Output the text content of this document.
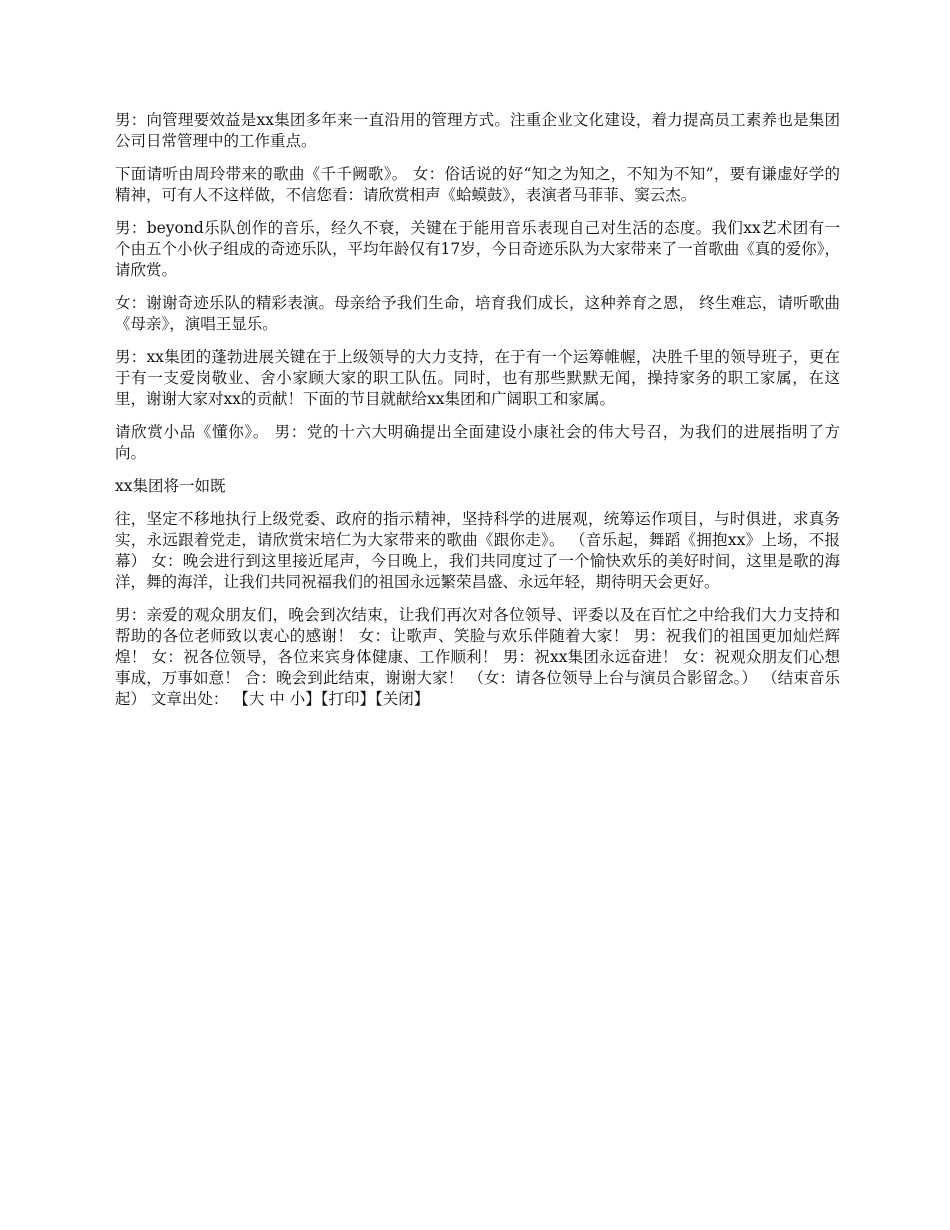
男：向管理要效益是xx集团多年来一直沿用的管理方式。注重企业文化建设，着力提高员工素养也是集团公司日常管理中的工作重点。

下面请听由周玲带来的歌曲《千千阙歌》。 女：俗话说的好“知之为知之，不知为不知”，要有谦虚好学的精神，可有人不这样做，不信您看：请欣赏相声《蛤蟆鼓》，表演者马菲菲、窦云杰。

男：beyond乐队创作的音乐，经久不衰，关键在于能用音乐表现自己对生活的态度。我们xx艺术团有一个由五个小伙子组成的奇迹乐队，平均年龄仅有17岁，今日奇迹乐队为大家带来了一首歌曲《真的爱你》，请欣赏。

女：谢谢奇迹乐队的精彩表演。母亲给予我们生命，培育我们成长，这种养育之恩， 终生难忘，请听歌曲《母亲》，演唱王显乐。

男：xx集团的蓬勃进展关键在于上级领导的大力支持，在于有一个运筹帷幄，决胜千里的领导班子，更在于有一支爱岗敬业、舍小家顾大家的职工队伍。同时，也有那些默默无闻，操持家务的职工家属，在这里，谢谢大家对xx的贡献！下面的节目就献给xx集团和广阔职工和家属。

请欣赏小品《懂你》。 男：党的十六大明确提出全面建设小康社会的伟大号召，为我们的进展指明了方向。

xx集团将一如既

往，坚定不移地执行上级党委、政府的指示精神，坚持科学的进展观，统筹运作项目，与时俱进，求真务实，永远跟着党走，请欣赏宋培仁为大家带来的歌曲《跟你走》。 （音乐起，舞蹈《拥抱xx》上场，不报幕） 女：晚会进行到这里接近尾声，今日晚上，我们共同度过了一个愉快欢乐的美好时间，这里是歌的海洋，舞的海洋，让我们共同祝福我们的祖国永远繁荣昌盛、永远年轻，期待明天会更好。

男：亲爱的观众朋友们，晚会到次结束，让我们再次对各位领导、评委以及在百忙之中给我们大力支持和帮助的各位老师致以衷心的感谢！ 女：让歌声、笑脸与欢乐伴随着大家！ 男：祝我们的祖国更加灿烂辉煌！ 女：祝各位领导，各位来宾身体健康、工作顺利！ 男：祝xx集团永远奋进！ 女：祝观众朋友们心想事成，万事如意！ 合：晚会到此结束，谢谢大家！ （女：请各位领导上台与演员合影留念。） （结束音乐起） 文章出处： 【大 中 小】【打印】【关闭】
